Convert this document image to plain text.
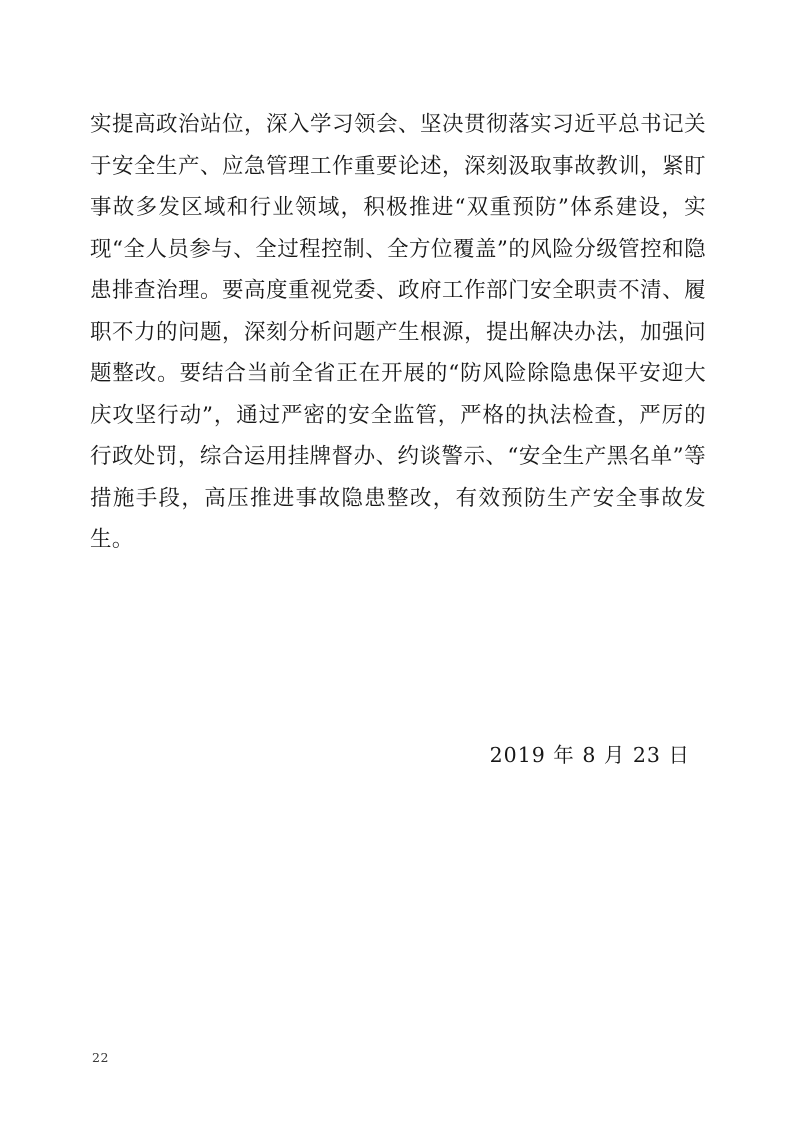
实提高政治站位，深入学习领会、坚决贯彻落实习近平总书记关于安全生产、应急管理工作重要论述，深刻汲取事故教训，紧盯事故多发区域和行业领域，积极推进“双重预防”体系建设，实现“全人员参与、全过程控制、全方位覆盖”的风险分级管控和隐患排查治理。要高度重视党委、政府工作部门安全职责不清、履职不力的问题，深刻分析问题产生根源，提出解决办法，加强问题整改。要结合当前全省正在开展的“防风险除隐患保平安迎大庆攻坚行动”，通过严密的安全监管，严格的执法检查，严厉的行政处罚，综合运用挂牌督办、约谈警示、“安全生产黑名单”等措施手段，高压推进事故隐患整改，有效预防生产安全事故发生。
2019 年 8 月 23 日
22
